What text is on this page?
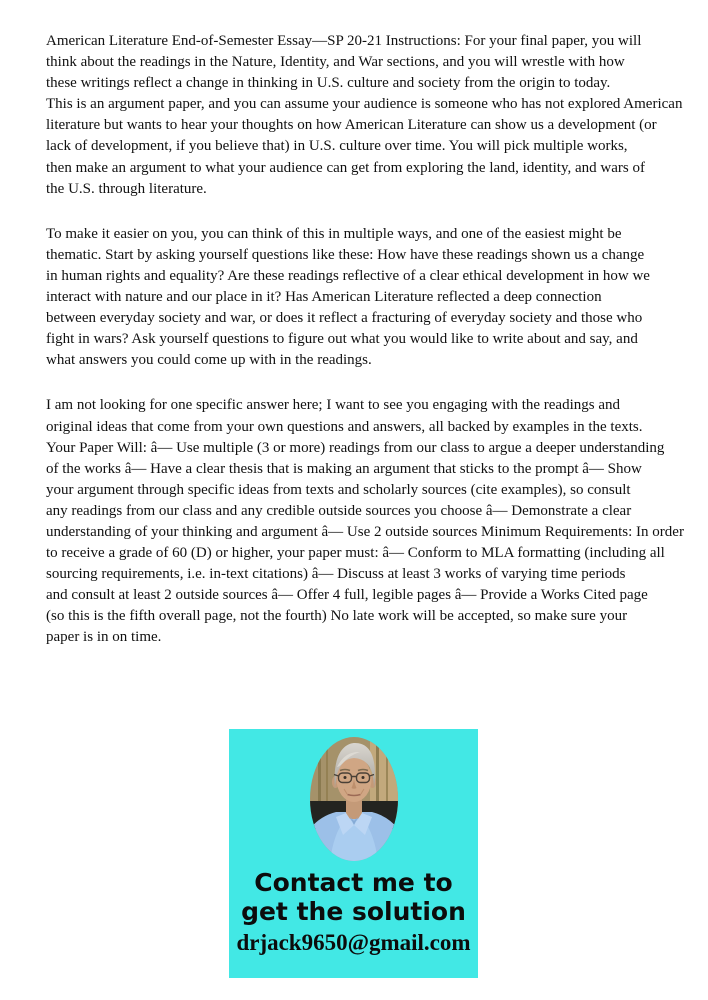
American Literature End-of-Semester Essay—SP 20-21 Instructions: For your final paper, you will
think about the readings in the Nature, Identity, and War sections, and you will wrestle with how
these writings reflect a change in thinking in U.S. culture and society from the origin to today.
This is an argument paper, and you can assume your audience is someone who has not explored American
literature but wants to hear your thoughts on how American Literature can show us a development (or
lack of development, if you believe that) in U.S. culture over time. You will pick multiple works,
then make an argument to what your audience can get from exploring the land, identity, and wars of
the U.S. through literature.
To make it easier on you, you can think of this in multiple ways, and one of the easiest might be
thematic. Start by asking yourself questions like these: How have these readings shown us a change
in human rights and equality? Are these readings reflective of a clear ethical development in how we
interact with nature and our place in it? Has American Literature reflected a deep connection
between everyday society and war, or does it reflect a fracturing of everyday society and those who
fight in wars? Ask yourself questions to figure out what you would like to write about and say, and
what answers you could come up with in the readings.
I am not looking for one specific answer here; I want to see you engaging with the readings and
original ideas that come from your own questions and answers, all backed by examples in the texts.
Your Paper Will: â— Use multiple (3 or more) readings from our class to argue a deeper understanding
of the works â— Have a clear thesis that is making an argument that sticks to the prompt â— Show
your argument through specific ideas from texts and scholarly sources (cite examples), so consult
any readings from our class and any credible outside sources you choose â— Demonstrate a clear
understanding of your thinking and argument â— Use 2 outside sources Minimum Requirements: In order
to receive a grade of 60 (D) or higher, your paper must: â— Conform to MLA formatting (including all
sourcing requirements, i.e. in-text citations) â— Discuss at least 3 works of varying time periods
and consult at least 2 outside sources â— Offer 4 full, legible pages â— Provide a Works Cited page
(so this is the fifth overall page, not the fourth) No late work will be accepted, so make sure your
paper is in on time.
Contact me to
get the solution
drjack9650@gmail.com
